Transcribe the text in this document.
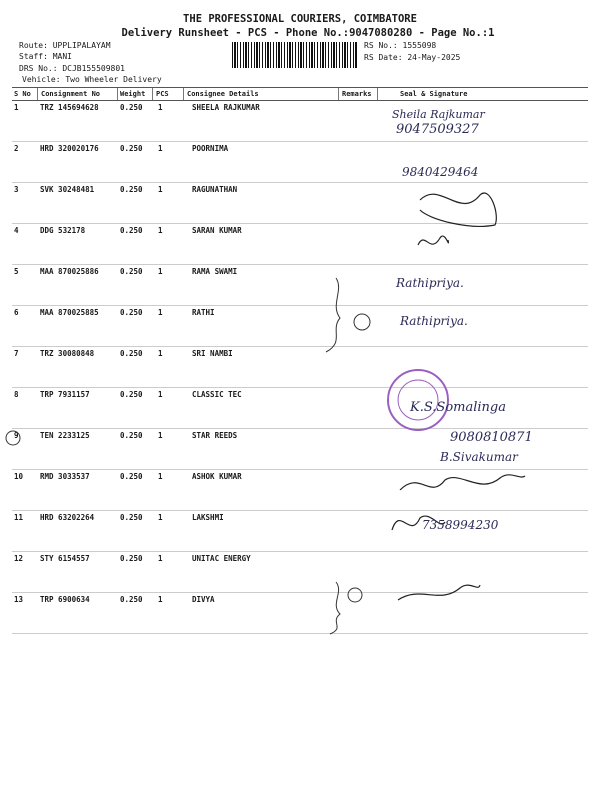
THE PROFESSIONAL COURIERS, COIMBATORE
Delivery Runsheet - PCS - Phone No.:9047080280 - Page No.:1
Route: UPPLIPALAYAM
Staff: MANI
DRS No.: DCJB155509801
Vehicle: Two Wheeler Delivery
RS No.: 1555098
RS Date: 24-May-2025
S No Consignment No	Weight PCS	Consignee Details	Remarks	Seal & Signature
1	TRZ 145694628	0.250 1	SHEELA RAJKUMAR
2	HRD 320020176	0.250 1	POORNIMA
3	SVK 30248481	0.250 1	RAGUNATHAN
4	DDG 532178	0.250 1	SARAN KUMAR
5	MAA 870025886	0.250 1	RAMA SWAMI
6	MAA 870025885	0.250 1	RATHI
7	TRZ 30080848	0.250 1	SRI NAMBI
8	TRP 7931157	0.250 1	CLASSIC TEC
9	TEN 2233125	0.250 1	STAR REEDS
10 RMD 3033537	0.250 1	ASHOK KUMAR
11 HRD 63202264	0.250 1	LAKSHMI
12 STY 6154557	0.250 1	UNITAC ENERGY
13 TRP 6900634	0.250 1	DIVYA
Sheila Rajkumar
9047509327
9840429464
Rathipriya.
Rathipriya.
K.S.Somalinga
9080810871
B.Sivakumar
7358994230
